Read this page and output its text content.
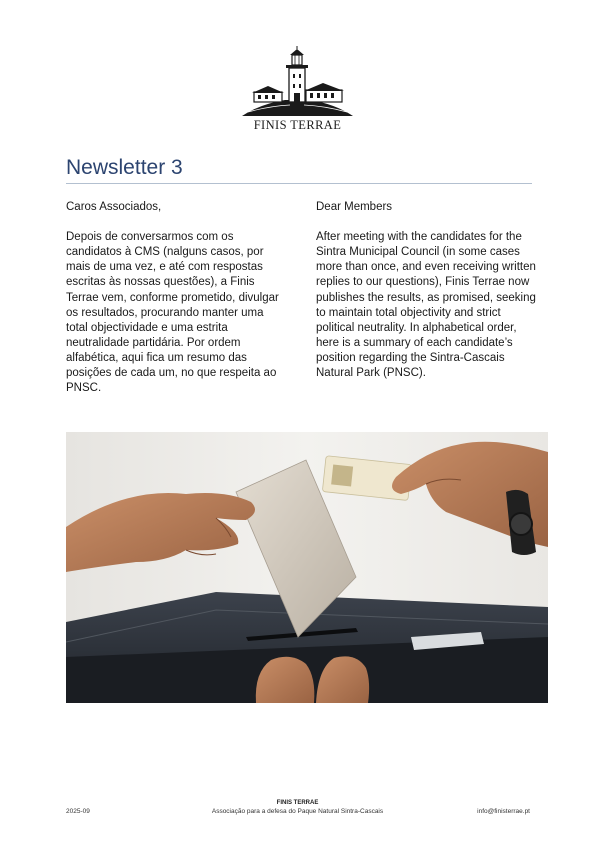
FINIS TERRAE
Newsletter 3

Caros Associados,

Depois de conversarmos com os candidatos à CMS (nalguns casos, por mais de uma vez, e até com respostas escritas às nossas questões), a Finis Terrae vem, conforme prometido, divulgar os resultados, procurando manter uma total objectividade e uma estrita neutralidade partidária. Por ordem alfabética, aqui fica um resumo das posições de cada um, no que respeita ao PNSC.

Dear Members

After meeting with the candidates for the Sintra Municipal Council (in some cases more than once, and even receiving written replies to our questions), Finis Terrae now publishes the results, as promised, seeking to maintain total objectivity and strict political neutrality. In alphabetical order, here is a summary of each candidate’s position regarding the Sintra-Cascais Natural Park (PNSC).

FINIS TERRAE
2025-09	Associação para a defesa do Paque Natural Sintra-Cascais	info@finisterrae.pt
